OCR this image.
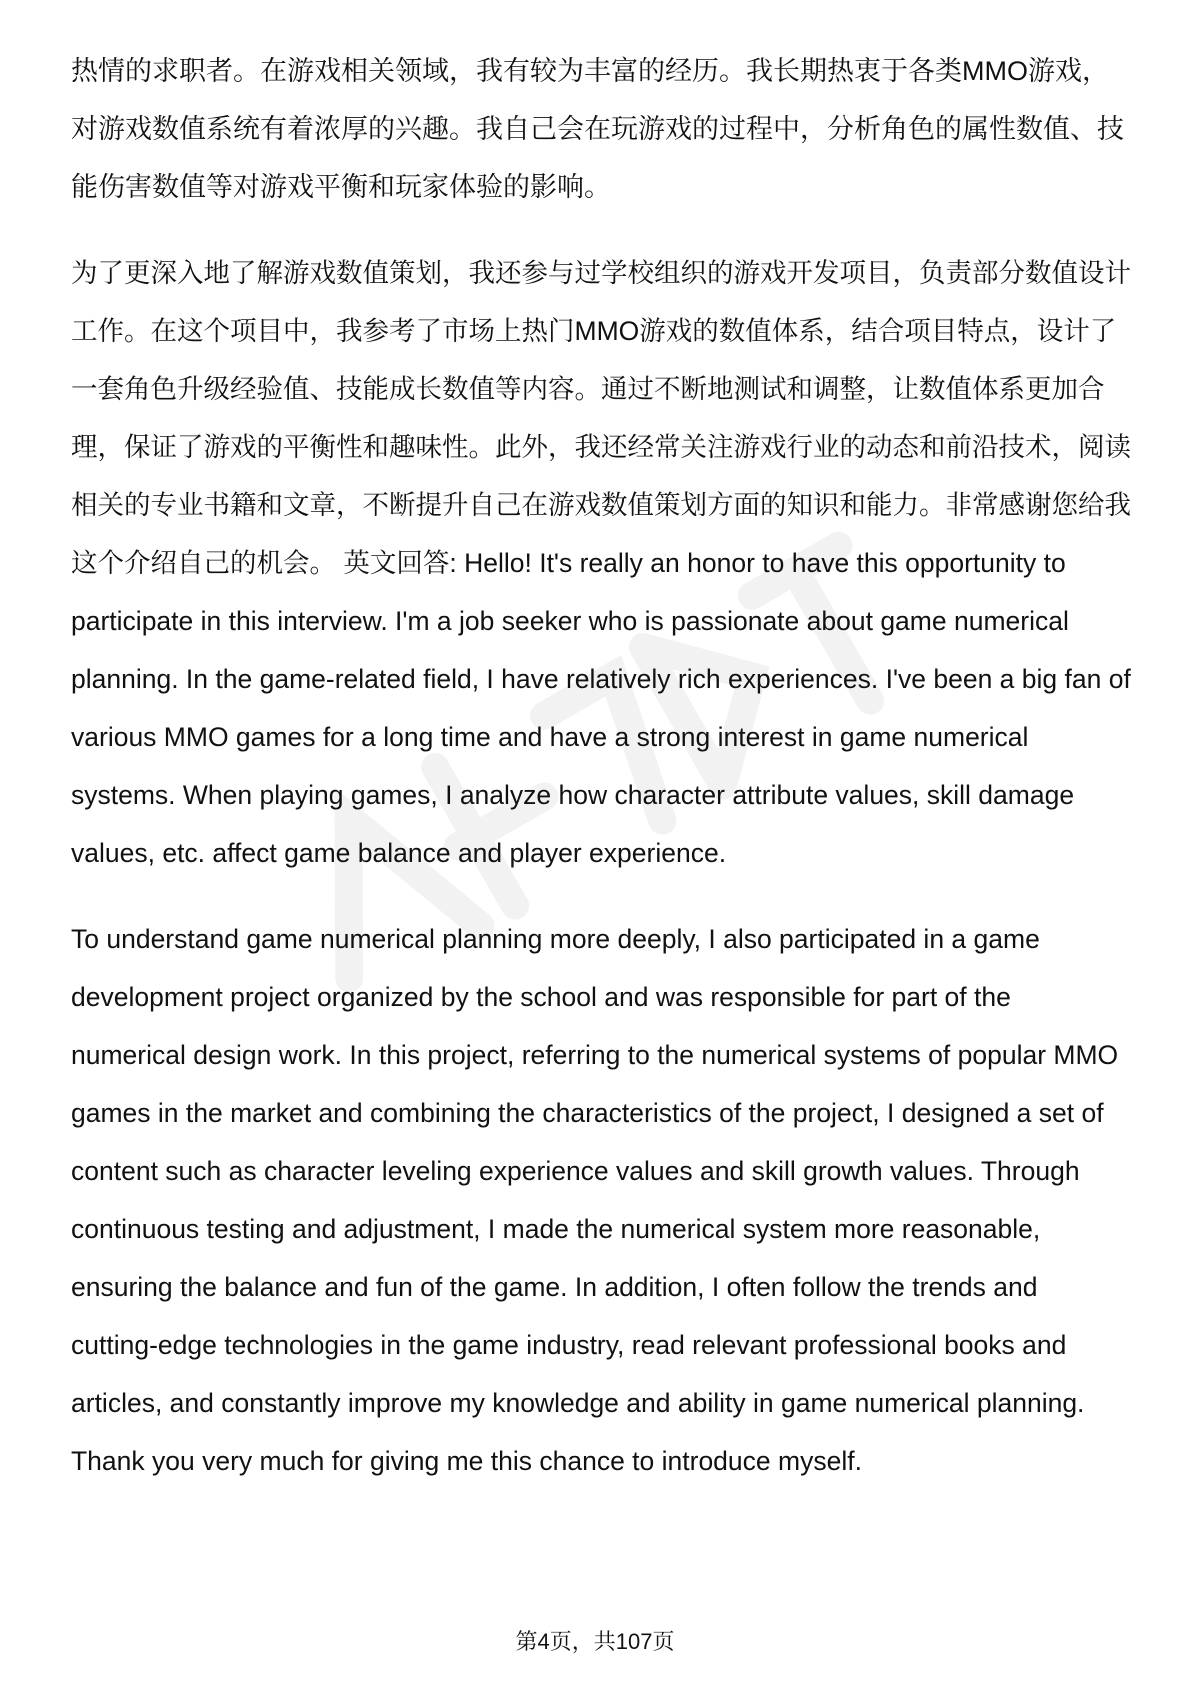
热情的求职者。在游戏相关领域，我有较为丰富的经历。我长期热衷于各类MMO游戏，对游戏数值系统有着浓厚的兴趣。我自己会在玩游戏的过程中，分析角色的属性数值、技能伤害数值等对游戏平衡和玩家体验的影响。

为了更深入地了解游戏数值策划，我还参与过学校组织的游戏开发项目，负责部分数值设计工作。在这个项目中，我参考了市场上热门MMO游戏的数值体系，结合项目特点，设计了一套角色升级经验值、技能成长数值等内容。通过不断地测试和调整，让数值体系更加合理，保证了游戏的平衡性和趣味性。此外，我还经常关注游戏行业的动态和前沿技术，阅读相关的专业书籍和文章，不断提升自己在游戏数值策划方面的知识和能力。非常感谢您给我这个介绍自己的机会。 英文回答: Hello! It's really an honor to have this opportunity to participate in this interview. I'm a job seeker who is passionate about game numerical planning. In the game-related field, I have relatively rich experiences. I've been a big fan of various MMO games for a long time and have a strong interest in game numerical systems. When playing games, I analyze how character attribute values, skill damage values, etc. affect game balance and player experience.

To understand game numerical planning more deeply, I also participated in a game development project organized by the school and was responsible for part of the numerical design work. In this project, referring to the numerical systems of popular MMO games in the market and combining the characteristics of the project, I designed a set of content such as character leveling experience values and skill growth values. Through continuous testing and adjustment, I made the numerical system more reasonable, ensuring the balance and fun of the game. In addition, I often follow the trends and cutting-edge technologies in the game industry, read relevant professional books and articles, and constantly improve my knowledge and ability in game numerical planning. Thank you very much for giving me this chance to introduce myself.

第4页，共107页
